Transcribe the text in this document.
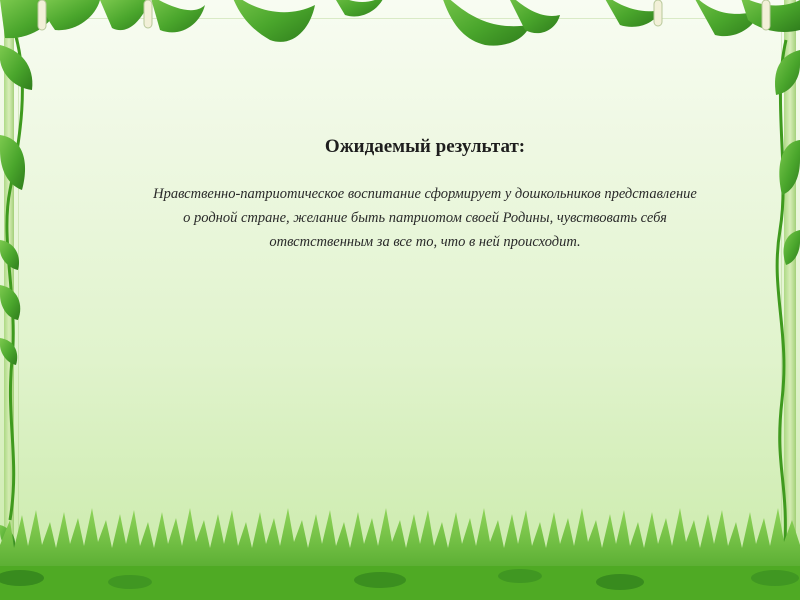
Ожидаемый результат:

Нравственно-патриотическое воспитание сформирует у дошкольников представление о родной стране, желание быть патриотом своей Родины, чувствовать себя отвстственным за все то, что в ней происходит.
